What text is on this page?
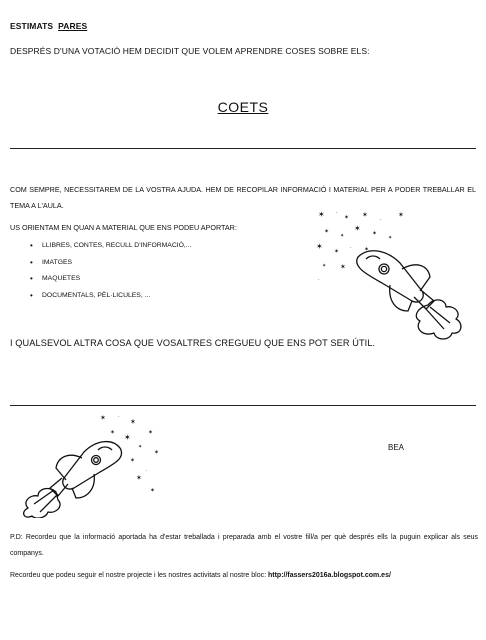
ESTIMATS PARES
DESPRÉS D'UNA VOTACIÓ HEM DECIDIT QUE VOLEM APRENDRE COSES SOBRE ELS:
COETS
COM SEMPRE, NECESSITAREM DE LA VOSTRA AJUDA. HEM DE RECOPILAR INFORMACIÓ I MATERIAL PER A PODER TREBALLAR EL TEMA A L'AULA.
US ORIENTAM EN QUAN A MATERIAL QUE ENS PODEU APORTAR:
• LLIBRES, CONTES, RECULL D'INFORMACIÓ,...
• IMATGES
• MAQUETES
• DOCUMENTALS, PÈL·LICULES, ...
✶ ·
✶ ✶
·
✶
✶
✶
✶
✶
✶
✶
✶ · ✶
✶ ✶
·
I QUALSEVOL ALTRA COSA QUE VOSALTRES CREGUEU QUE ENS POT SER ÚTIL.
✶ ·
✶
✶
✶
✶
✶
✶
✶
·
✶
✶
BEA
P.D: Recordeu que la informació aportada ha d'estar treballada i preparada amb el vostre fill/a per què després ells la puguin explicar als seus companys.
Recordeu que podeu seguir el nostre projecte i les nostres activitats al nostre bloc: http://fassers2016a.blogspot.com.es/
